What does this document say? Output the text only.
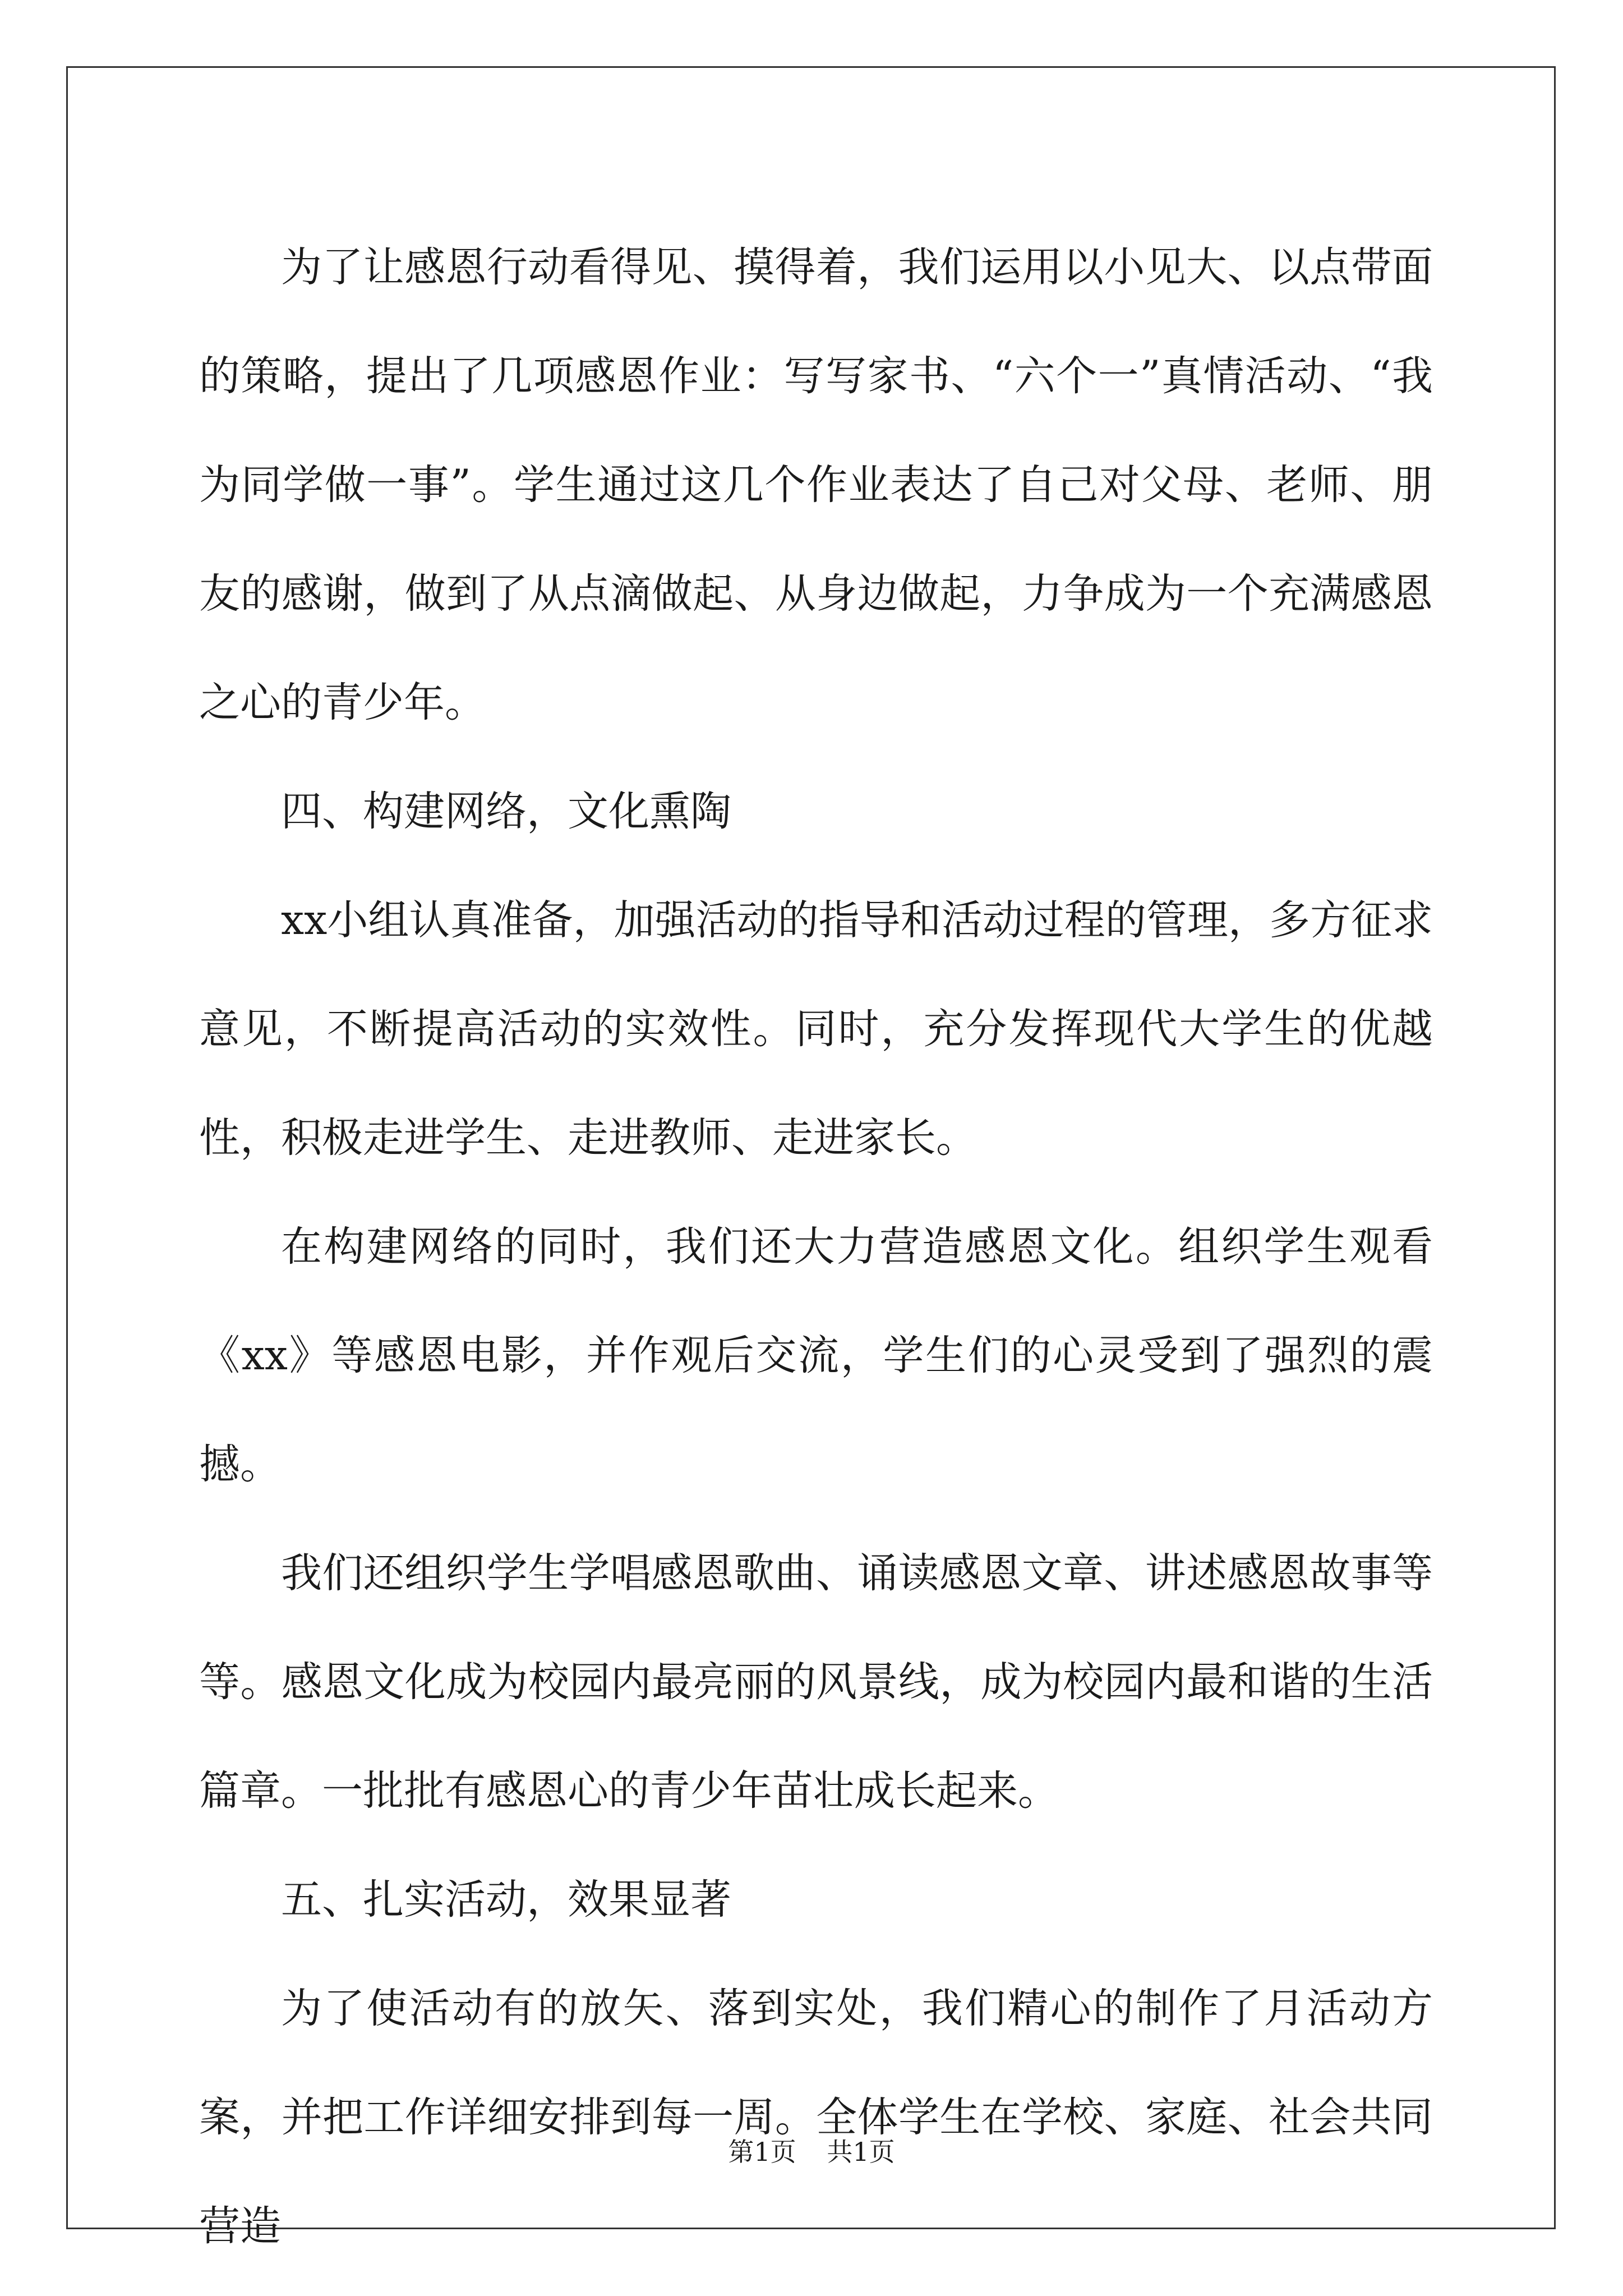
为了让感恩行动看得见、摸得着，我们运用以小见大、以点带面的策略，提出了几项感恩作业：写写家书、“六个一”真情活动、“我为同学做一事”。学生通过这几个作业表达了自己对父母、老师、朋友的感谢，做到了从点滴做起、从身边做起，力争成为一个充满感恩之心的青少年。

四、构建网络，文化熏陶

xx小组认真准备，加强活动的指导和活动过程的管理，多方征求意见，不断提高活动的实效性。同时，充分发挥现代大学生的优越性，积极走进学生、走进教师、走进家长。

在构建网络的同时，我们还大力营造感恩文化。组织学生观看《xx》等感恩电影，并作观后交流，学生们的心灵受到了强烈的震撼。

我们还组织学生学唱感恩歌曲、诵读感恩文章、讲述感恩故事等等。感恩文化成为校园内最亮丽的风景线，成为校园内最和谐的生活篇章。一批批有感恩心的青少年苗壮成长起来。

五、扎实活动，效果显著

为了使活动有的放矢、落到实处，我们精心的制作了月活动方案，并把工作详细安排到每一周。全体学生在学校、家庭、社会共同营造

第1页 共1页
